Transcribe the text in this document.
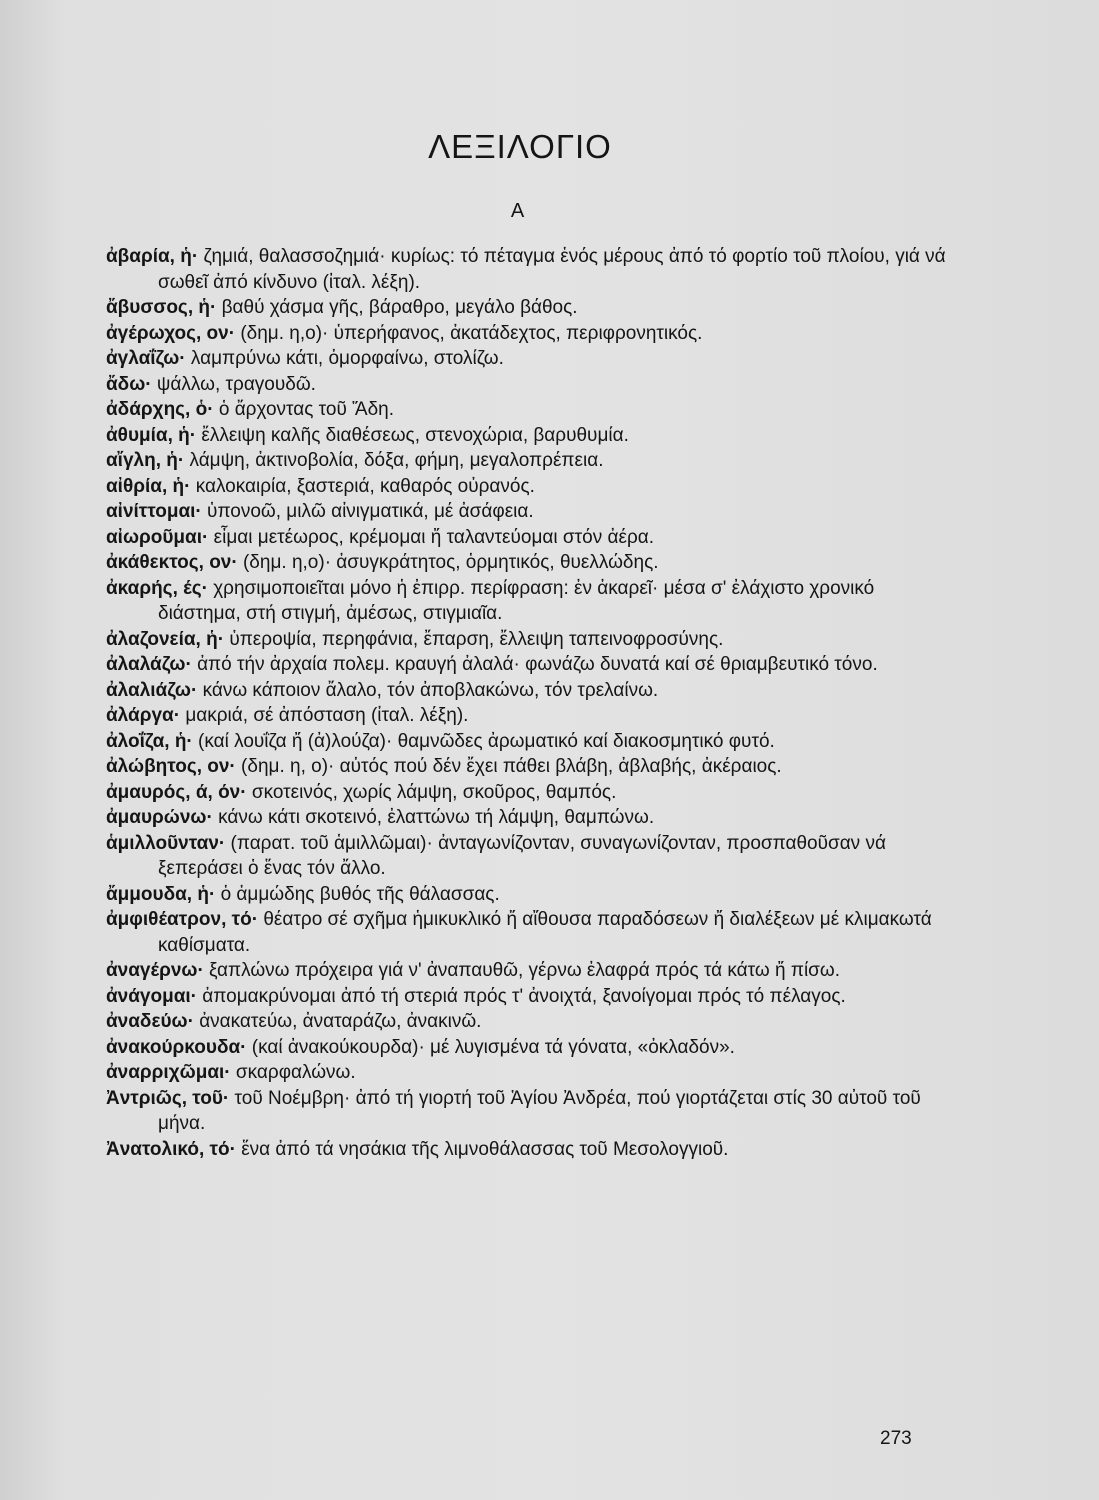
ΛΕΞΙΛΟΓΙΟ
Α

ἀβαρία, ἡ· ζημιά, θαλασσοζημιά· κυρίως: τό πέταγμα ἑνός μέρους ἀπό τό φορτίο τοῦ πλοίου, γιά νά σωθεῖ ἀπό κίνδυνο (ἰταλ. λέξη).

ἄβυσσος, ἡ· βαθύ χάσμα γῆς, βάραθρο, μεγάλο βάθος.

ἀγέρωχος, ον· (δημ. η,ο)· ὑπερήφανος, ἀκατάδεχτος, περιφρονητικός.

ἀγλαΐζω· λαμπρύνω κάτι, ὀμορφαίνω, στολίζω.

ἄδω· ψάλλω, τραγουδῶ.

ἀδάρχης, ὁ· ὁ ἄρχοντας τοῦ Ἅδη.

ἀθυμία, ἡ· ἔλλειψη καλῆς διαθέσεως, στενοχώρια, βαρυθυμία.

αἴγλη, ἡ· λάμψη, ἀκτινοβολία, δόξα, φήμη, μεγαλοπρέπεια.

αἰθρία, ἡ· καλοκαιρία, ξαστεριά, καθαρός οὐρανός.

αἰνίττομαι· ὑπονοῶ, μιλῶ αἰνιγματικά, μέ ἀσάφεια.

αἰωροῦμαι· εἶμαι μετέωρος, κρέμομαι ἤ ταλαντεύομαι στόν ἀέρα.

ἀκάθεκτος, ον· (δημ. η,ο)· ἀσυγκράτητος, ὁρμητικός, θυελλώδης.

ἀκαρής, ές· χρησιμοποιεῖται μόνο ἡ ἐπιρρ. περίφραση: ἐν ἀκαρεῖ· μέσα σ' ἐλάχιστο χρονικό διάστημα, στή στιγμή, ἀμέσως, στιγμιαῖα.

ἀλαζονεία, ἡ· ὑπεροψία, περηφάνια, ἔπαρση, ἔλλειψη ταπεινοφροσύνης.

ἀλαλάζω· ἀπό τήν ἀρχαία πολεμ. κραυγή ἀλαλά· φωνάζω δυνατά καί σέ θριαμβευτικό τόνο.

ἀλαλιάζω· κάνω κάποιον ἄλαλο, τόν ἀποβλακώνω, τόν τρελαίνω.

ἀλάργα· μακριά, σέ ἀπόσταση (ἰταλ. λέξη).

ἀλοΐζα, ἡ· (καί λουΐζα ἤ (ἀ)λούζα)· θαμνῶδες ἀρωματικό καί διακοσμητικό φυτό.

ἀλώβητος, ον· (δημ. η, ο)· αὐτός πού δέν ἔχει πάθει βλάβη, ἀβλαβής, ἀκέραιος.

ἀμαυρός, ά, όν· σκοτεινός, χωρίς λάμψη, σκοῦρος, θαμπός.

ἀμαυρώνω· κάνω κάτι σκοτεινό, ἐλαττώνω τή λάμψη, θαμπώνω.

ἁμιλλοῦνταν· (παρατ. τοῦ ἁμιλλῶμαι)· ἀνταγωνίζονταν, συναγωνίζονταν, προσπαθοῦσαν νά ξεπεράσει ὁ ἕνας τόν ἄλλο.

ἄμμουδα, ἡ· ὁ ἀμμώδης βυθός τῆς θάλασσας.

ἀμφιθέατρον, τό· θέατρο σέ σχῆμα ἡμικυκλικό ἤ αἴθουσα παραδόσεων ἤ διαλέξεων μέ κλιμακωτά καθίσματα.

ἀναγέρνω· ξαπλώνω πρόχειρα γιά ν' ἀναπαυθῶ, γέρνω ἐλαφρά πρός τά κάτω ἤ πίσω.

ἀνάγομαι· ἀπομακρύνομαι ἀπό τή στεριά πρός τ' ἀνοιχτά, ξανοίγομαι πρός τό πέλαγος.

ἀναδεύω· ἀνακατεύω, ἀναταράζω, ἀνακινῶ.

ἀνακούρκουδα· (καί ἀνακούκουρδα)· μέ λυγισμένα τά γόνατα, «ὀκλαδόν».

ἀναρριχῶμαι· σκαρφαλώνω.

Ἀντριῶς, τοῦ· τοῦ Νοέμβρη· ἀπό τή γιορτή τοῦ Ἁγίου Ἀνδρέα, πού γιορτάζεται στίς 30 αὐτοῦ τοῦ μήνα.

Ἀνατολικό, τό· ἕνα ἀπό τά νησάκια τῆς λιμνοθάλασσας τοῦ Μεσολογγιοῦ.

273
